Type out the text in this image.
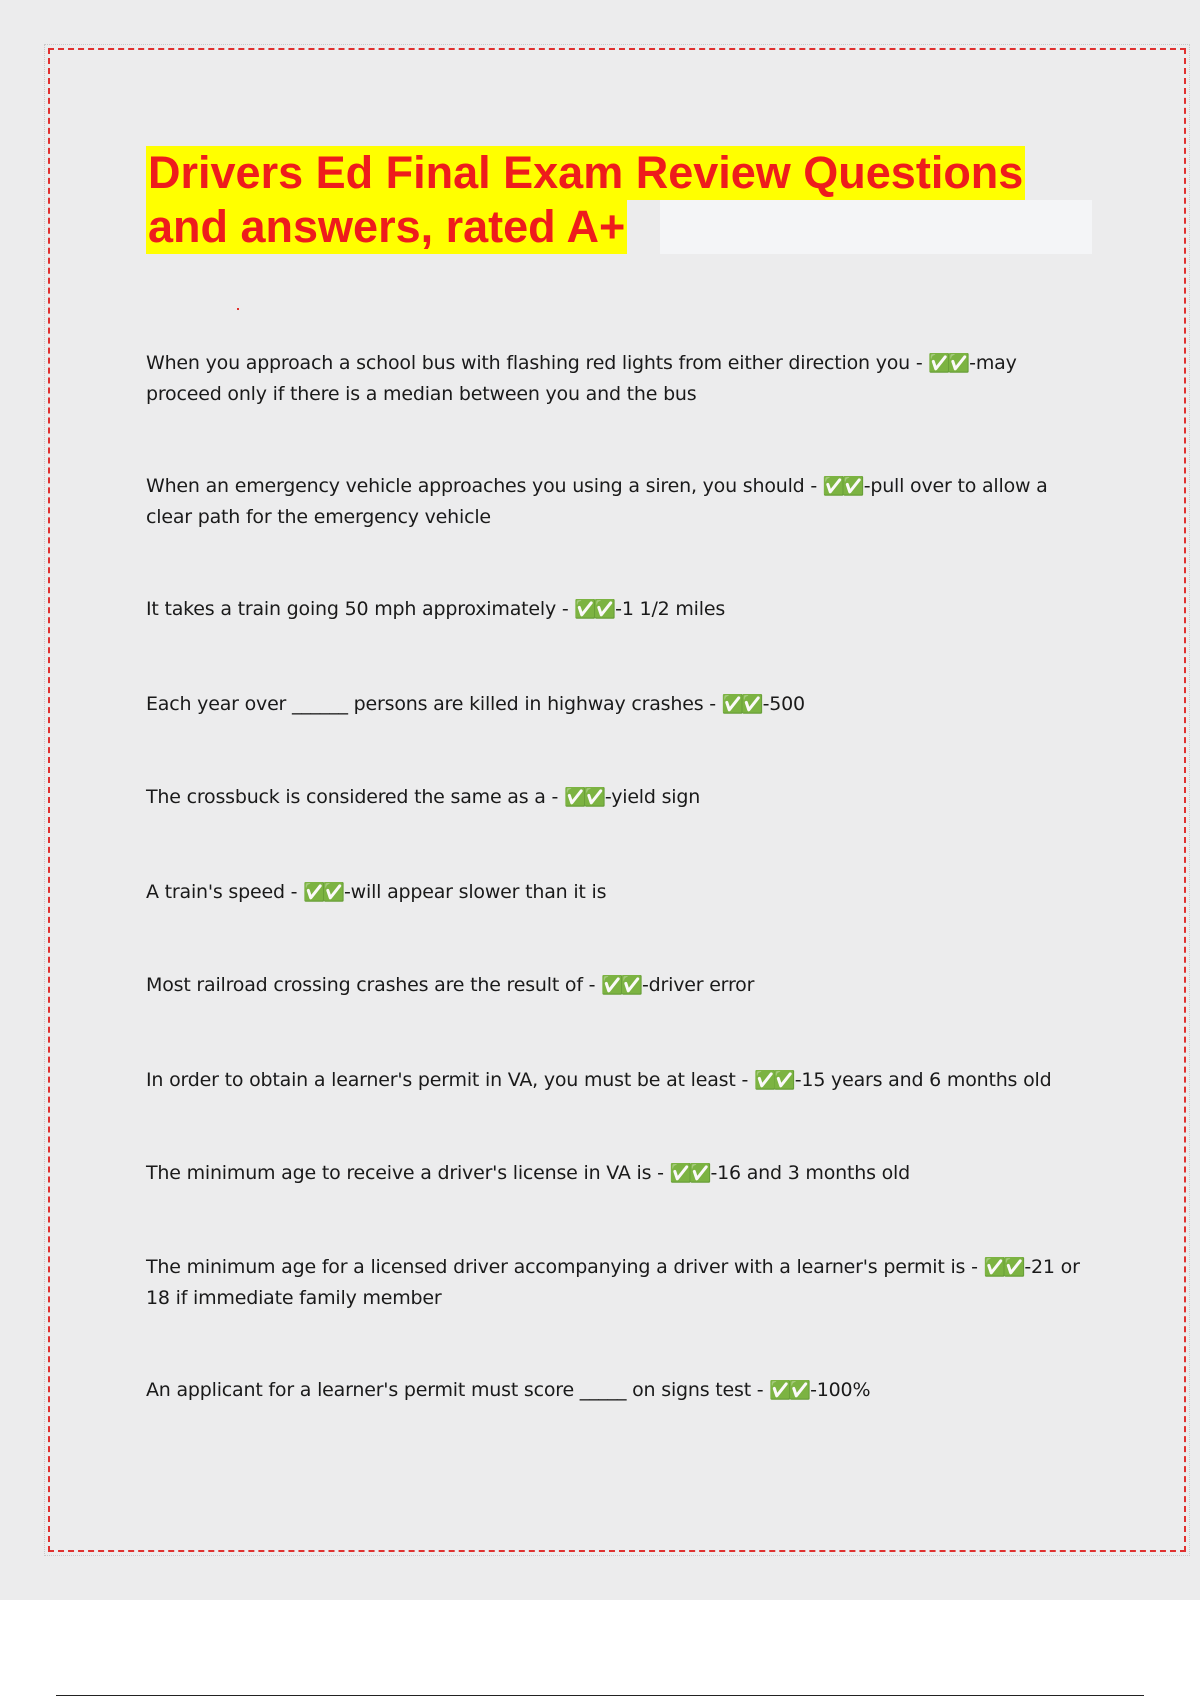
Drivers Ed Final Exam Review Questions
and answers, rated A+
When you approach a school bus with flashing red lights from either direction you - ✅✅ -may proceed only if there is a median between you and the bus
When an emergency vehicle approaches you using a siren, you should - ✅✅ -pull over to allow a clear path for the emergency vehicle
It takes a train going 50 mph approximately - ✅✅ -1 1/2 miles
Each year over ______ persons are killed in highway crashes - ✅✅ -500
The crossbuck is considered the same as a - ✅✅ -yield sign
A train's speed - ✅✅ -will appear slower than it is
Most railroad crossing crashes are the result of - ✅✅ -driver error
In order to obtain a learner's permit in VA, you must be at least - ✅✅ -15 years and 6 months old
The minimum age to receive a driver's license in VA is - ✅✅ -16 and 3 months old
The minimum age for a licensed driver accompanying a driver with a learner's permit is - ✅✅ -21 or 18 if immediate family member
An applicant for a learner's permit must score _____ on signs test - ✅✅ -100%
